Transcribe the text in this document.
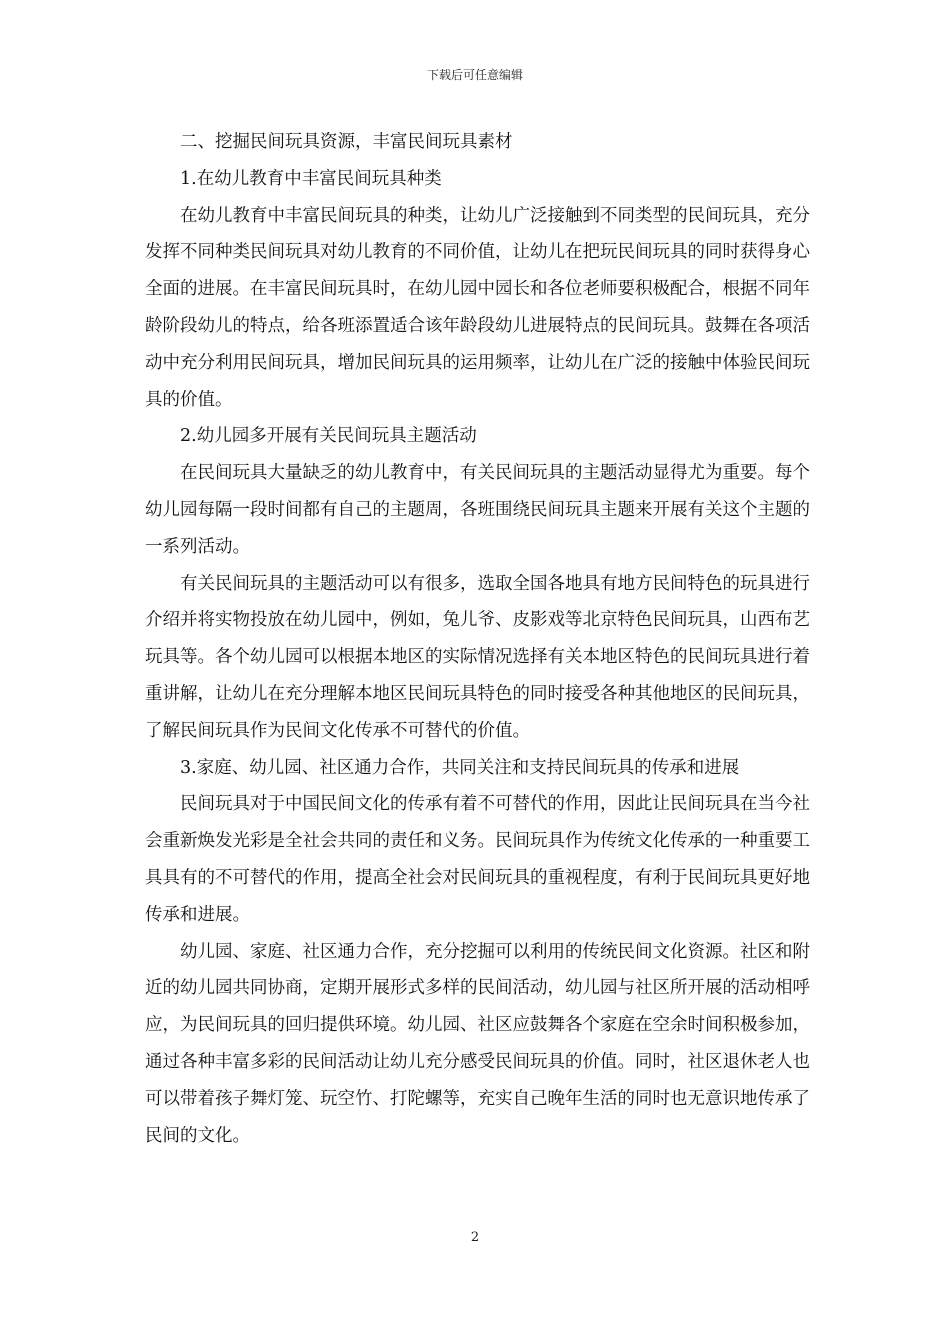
下载后可任意编辑

二、挖掘民间玩具资源，丰富民间玩具素材

1.在幼儿教育中丰富民间玩具种类

在幼儿教育中丰富民间玩具的种类，让幼儿广泛接触到不同类型的民间玩具，充分发挥不同种类民间玩具对幼儿教育的不同价值，让幼儿在把玩民间玩具的同时获得身心全面的进展。在丰富民间玩具时，在幼儿园中园长和各位老师要积极配合，根据不同年龄阶段幼儿的特点，给各班添置适合该年龄段幼儿进展特点的民间玩具。鼓舞在各项活动中充分利用民间玩具，增加民间玩具的运用频率，让幼儿在广泛的接触中体验民间玩具的价值。

2.幼儿园多开展有关民间玩具主题活动

在民间玩具大量缺乏的幼儿教育中，有关民间玩具的主题活动显得尤为重要。每个幼儿园每隔一段时间都有自己的主题周，各班围绕民间玩具主题来开展有关这个主题的一系列活动。

有关民间玩具的主题活动可以有很多，选取全国各地具有地方民间特色的玩具进行介绍并将实物投放在幼儿园中，例如，兔儿爷、皮影戏等北京特色民间玩具，山西布艺玩具等。各个幼儿园可以根据本地区的实际情况选择有关本地区特色的民间玩具进行着重讲解，让幼儿在充分理解本地区民间玩具特色的同时接受各种其他地区的民间玩具，了解民间玩具作为民间文化传承不可替代的价值。

3.家庭、幼儿园、社区通力合作，共同关注和支持民间玩具的传承和进展

民间玩具对于中国民间文化的传承有着不可替代的作用，因此让民间玩具在当今社会重新焕发光彩是全社会共同的责任和义务。民间玩具作为传统文化传承的一种重要工具具有的不可替代的作用，提高全社会对民间玩具的重视程度，有利于民间玩具更好地传承和进展。

幼儿园、家庭、社区通力合作，充分挖掘可以利用的传统民间文化资源。社区和附近的幼儿园共同协商，定期开展形式多样的民间活动，幼儿园与社区所开展的活动相呼应，为民间玩具的回归提供环境。幼儿园、社区应鼓舞各个家庭在空余时间积极参加，通过各种丰富多彩的民间活动让幼儿充分感受民间玩具的价值。同时，社区退休老人也可以带着孩子舞灯笼、玩空竹、打陀螺等，充实自己晚年生活的同时也无意识地传承了民间的文化。

2
